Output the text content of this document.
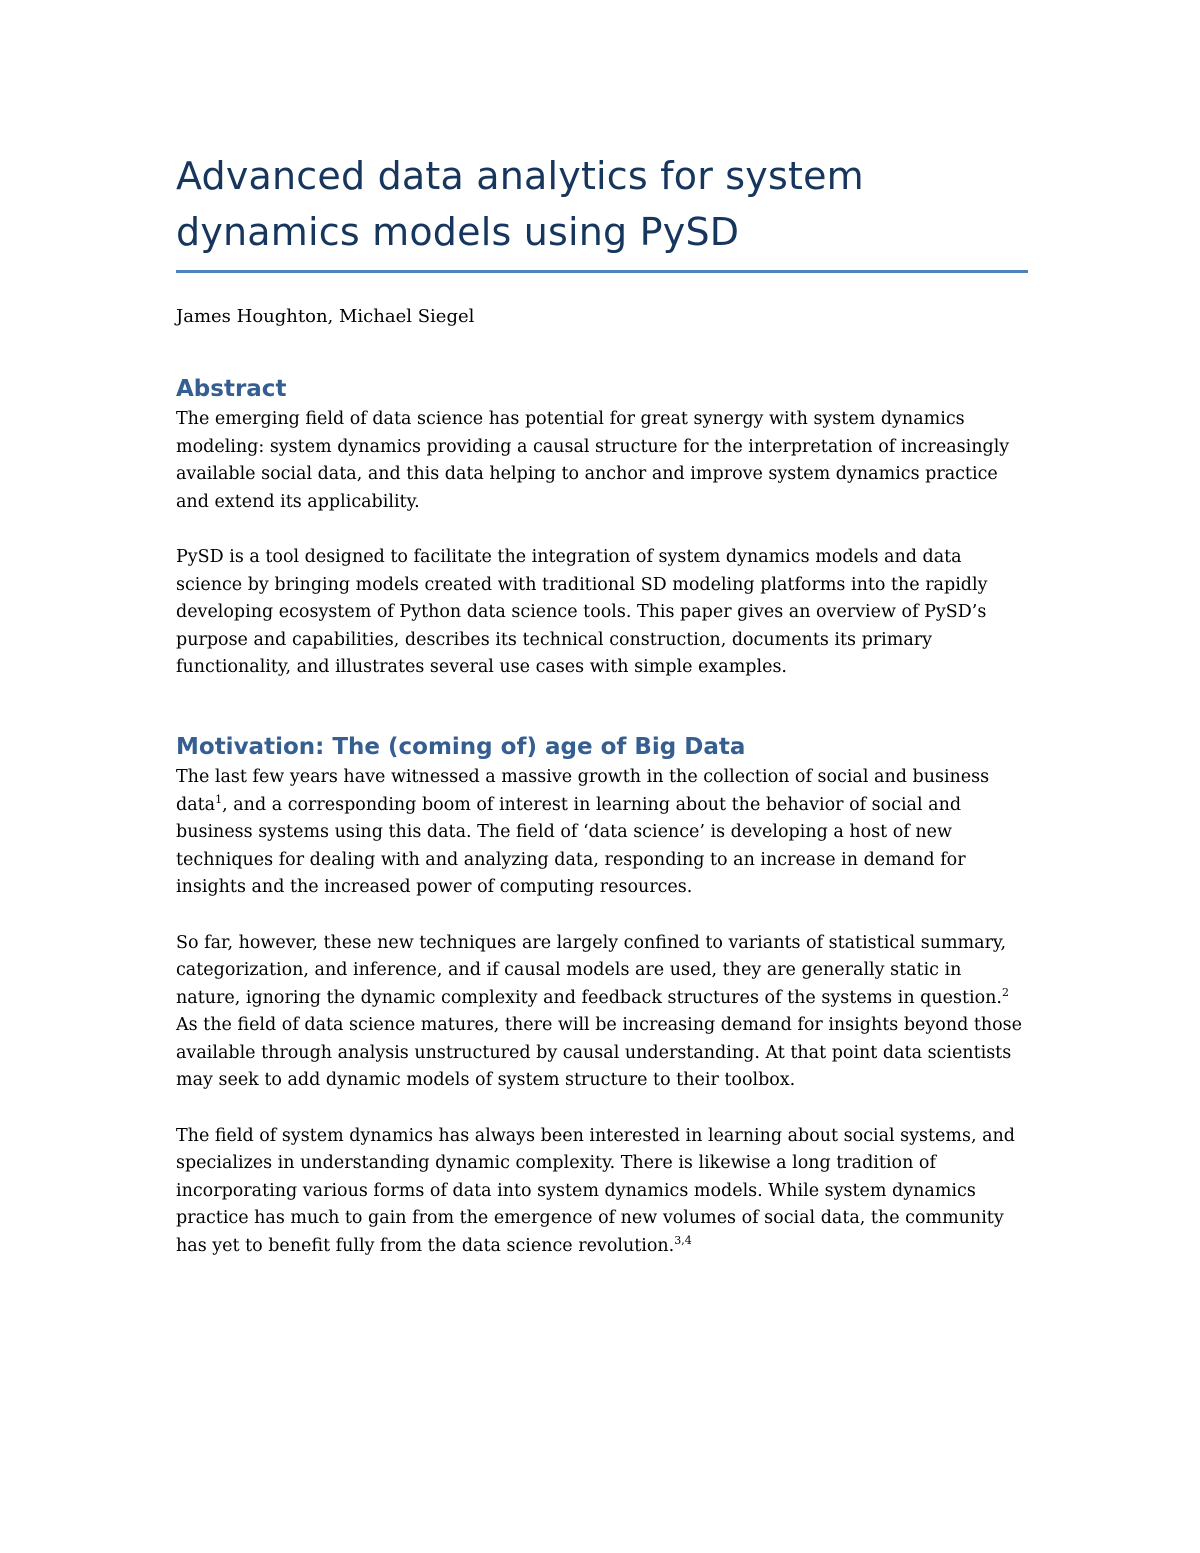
Advanced data analytics for system dynamics models using PySD

James Houghton, Michael Siegel

Abstract

The emerging field of data science has potential for great synergy with system dynamics modeling: system dynamics providing a causal structure for the interpretation of increasingly available social data, and this data helping to anchor and improve system dynamics practice and extend its applicability.

PySD is a tool designed to facilitate the integration of system dynamics models and data science by bringing models created with traditional SD modeling platforms into the rapidly developing ecosystem of Python data science tools. This paper gives an overview of PySD’s purpose and capabilities, describes its technical construction, documents its primary functionality, and illustrates several use cases with simple examples.

Motivation: The (coming of) age of Big Data

The last few years have witnessed a massive growth in the collection of social and business data$^1$, and a corresponding boom of interest in learning about the behavior of social and business systems using this data. The field of ‘data science’ is developing a host of new techniques for dealing with and analyzing data, responding to an increase in demand for insights and the increased power of computing resources.

So far, however, these new techniques are largely confined to variants of statistical summary, categorization, and inference, and if causal models are used, they are generally static in nature, ignoring the dynamic complexity and feedback structures of the systems in question.$^2$ As the field of data science matures, there will be increasing demand for insights beyond those available through analysis unstructured by causal understanding. At that point data scientists may seek to add dynamic models of system structure to their toolbox.

The field of system dynamics has always been interested in learning about social systems, and specializes in understanding dynamic complexity. There is likewise a long tradition of incorporating various forms of data into system dynamics models. While system dynamics practice has much to gain from the emergence of new volumes of social data, the community has yet to benefit fully from the data science revolution.$^{3,4}$
